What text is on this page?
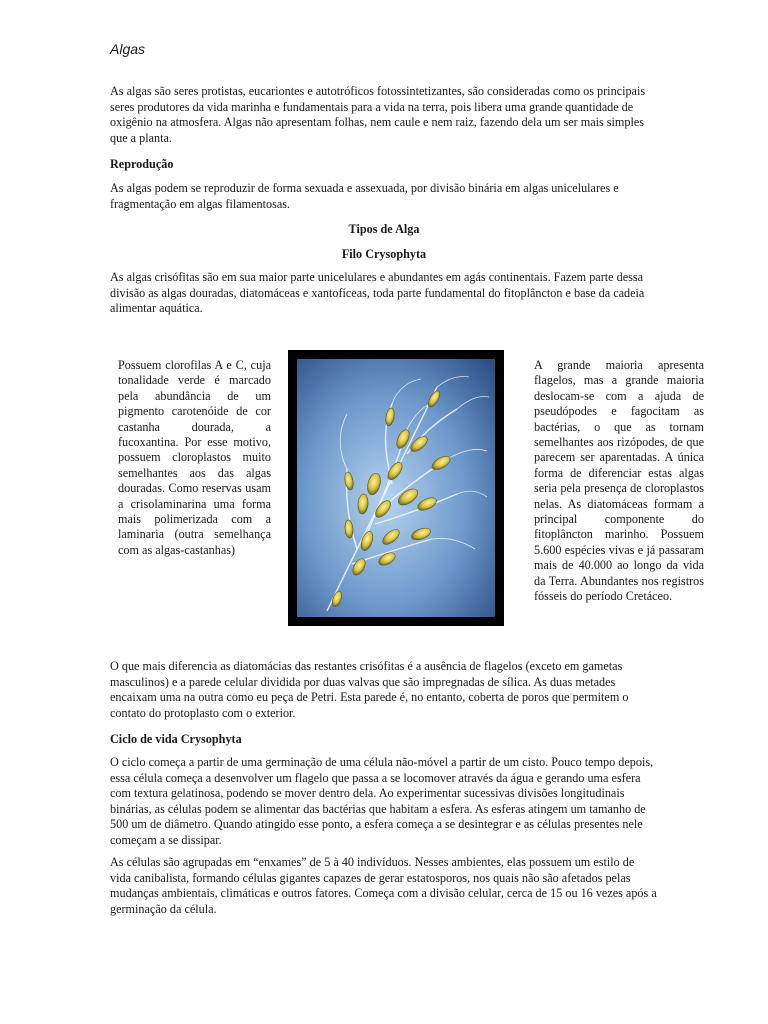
Algas

As algas são seres protistas, eucariontes e autotróficos fotossintetizantes, são consideradas como os principais seres produtores da vida marinha e fundamentais para a vida na terra, pois libera uma grande quantidade de oxigênio na atmosfera. Algas não apresentam folhas, nem caule e nem raiz, fazendo dela um ser mais simples que a planta.

Reprodução

As algas podem se reproduzir de forma sexuada e assexuada, por divisão binária em algas unicelulares e fragmentação em algas filamentosas.

Tipos de Alga
Filo Crysophyta

As algas crisófitas são em sua maior parte unicelulares e abundantes em agás continentais. Fazem parte dessa divisão as algas douradas, diatomáceas e xantofíceas, toda parte fundamental do fitoplâncton e base da cadeia alimentar aquática.

Possuem clorofilas A e C, cuja tonalidade verde é marcado pela abundância de um pigmento carotenóide de cor castanha dourada, a fucoxantina. Por esse motivo, possuem cloroplastos muito semelhantes aos das algas douradas. Como reservas usam a crisolaminarina uma forma mais polimerizada com a laminaria (outra semelhança com as algas-castanhas)

A grande maioria apresenta flagelos, mas a grande maioria deslocam-se com a ajuda de pseudópodes e fagocitam as bactérias, o que as tornam semelhantes aos rizópodes, de que parecem ser aparentadas. A única forma de diferenciar estas algas seria pela presença de cloroplastos nelas. As diatomáceas formam a principal componente do fitoplâncton marinho. Possuem 5.600 espécies vivas e já passaram mais de 40.000 ao longo da vida da Terra. Abundantes nos registros fósseis do período Cretáceo.

O que mais diferencia as diatomácias das restantes crisófitas é a ausência de flagelos (exceto em gametas masculinos) e a parede celular dividida por duas valvas que são impregnadas de sílica. As duas metades encaixam uma na outra como eu peça de Petri. Esta parede é, no entanto, coberta de poros que permitem o contato do protoplasto com o exterior.

Ciclo de vida Crysophyta

O ciclo começa a partir de uma germinação de uma célula não-móvel a partir de um cisto. Pouco tempo depois, essa célula começa a desenvolver um flagelo que passa a se locomover através da água e gerando uma esfera com textura gelatinosa, podendo se mover dentro dela. Ao experimentar sucessivas divisões longitudinais binárias, as células podem se alimentar das bactérias que habitam a esfera. As esferas atingem um tamanho de 500 um de diâmetro. Quando atingido esse ponto, a esfera começa a se desintegrar e as células presentes nele começam a se dissipar.

As células são agrupadas em “enxames” de 5 à 40 indivíduos. Nesses ambientes, elas possuem um estilo de vida canibalista, formando células gigantes capazes de gerar estatosporos, nos quais não são afetados pelas mudanças ambientais, climáticas e outros fatores. Começa com a divisão celular, cerca de 15 ou 16 vezes após a germinação da célula.
